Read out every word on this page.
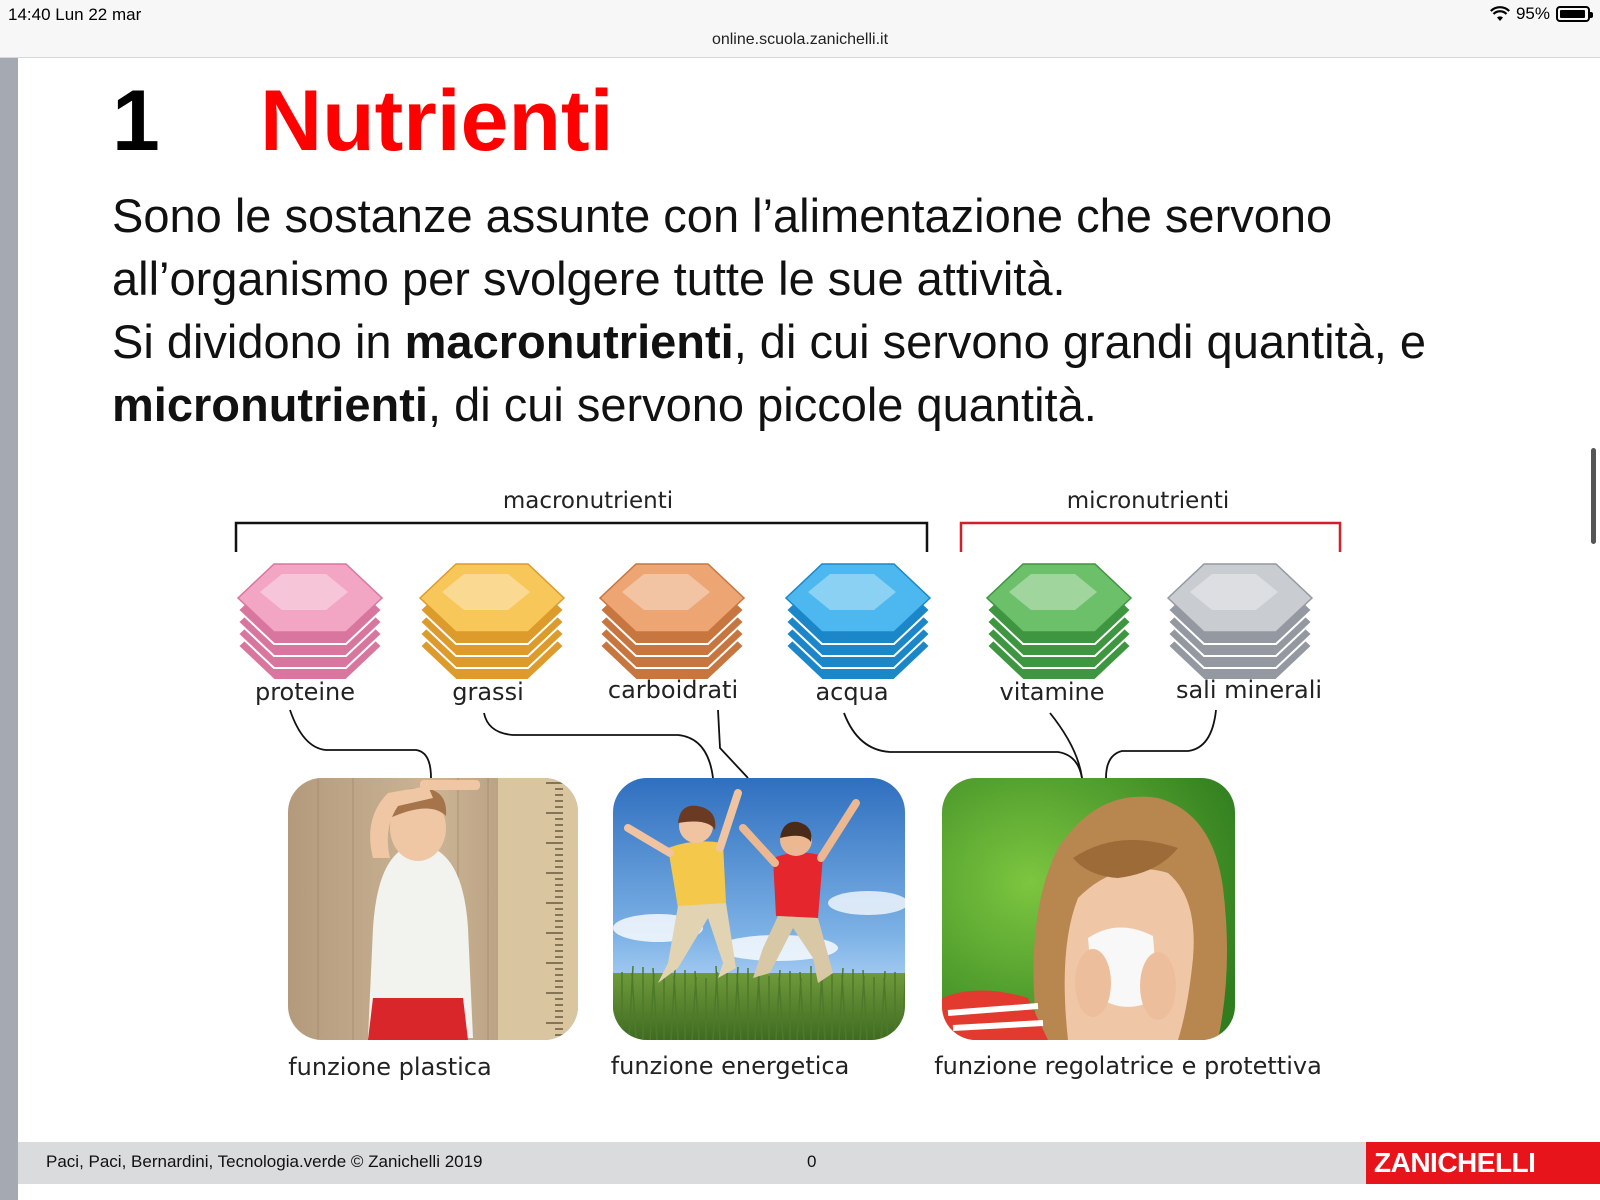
14:40 Lun 22 mar	95%
online.scuola.zanichelli.it
1 Nutrienti
Sono le sostanze assunte con l’alimentazione che servono all’organismo per svolgere tutte le sue attività.
Si dividono in macronutrienti, di cui servono grandi quantità, e micronutrienti, di cui servono piccole quantità.
macronutrienti	micronutrienti
proteine	grassi	carboidrati	acqua	vitamine	sali minerali
funzione plastica	funzione energetica	funzione regolatrice e protettiva
Paci, Paci, Bernardini, Tecnologia.verde © Zanichelli 2019	0	ZANICHELLI
